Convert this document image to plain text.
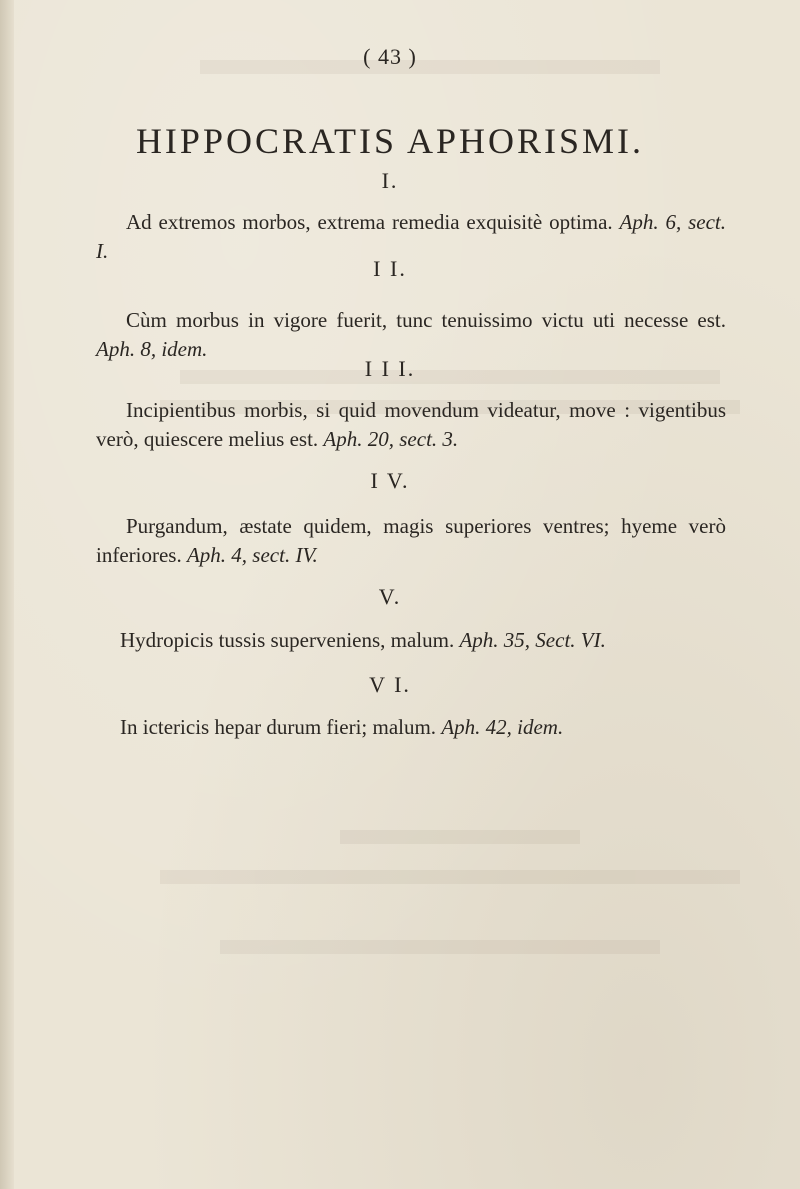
( 43 )
HIPPOCRATIS APHORISMI.
I.

Ad extremos morbos, extrema remedia exquisitè optima. Aph. 6, sect. I.

I I.

Cùm morbus in vigore fuerit, tunc tenuissimo victu uti necesse est. Aph. 8, idem.

I I I.

Incipientibus morbis, si quid movendum videatur, move : vigentibus verò, quiescere melius est. Aph. 20, sect. 3.

I V.

Purgandum, æstate quidem, magis superiores ventres; hyeme verò inferiores. Aph. 4, sect. IV.

V.

Hydropicis tussis superveniens, malum. Aph. 35, Sect. VI.

V I.

In ictericis hepar durum fieri; malum. Aph. 42, idem.
